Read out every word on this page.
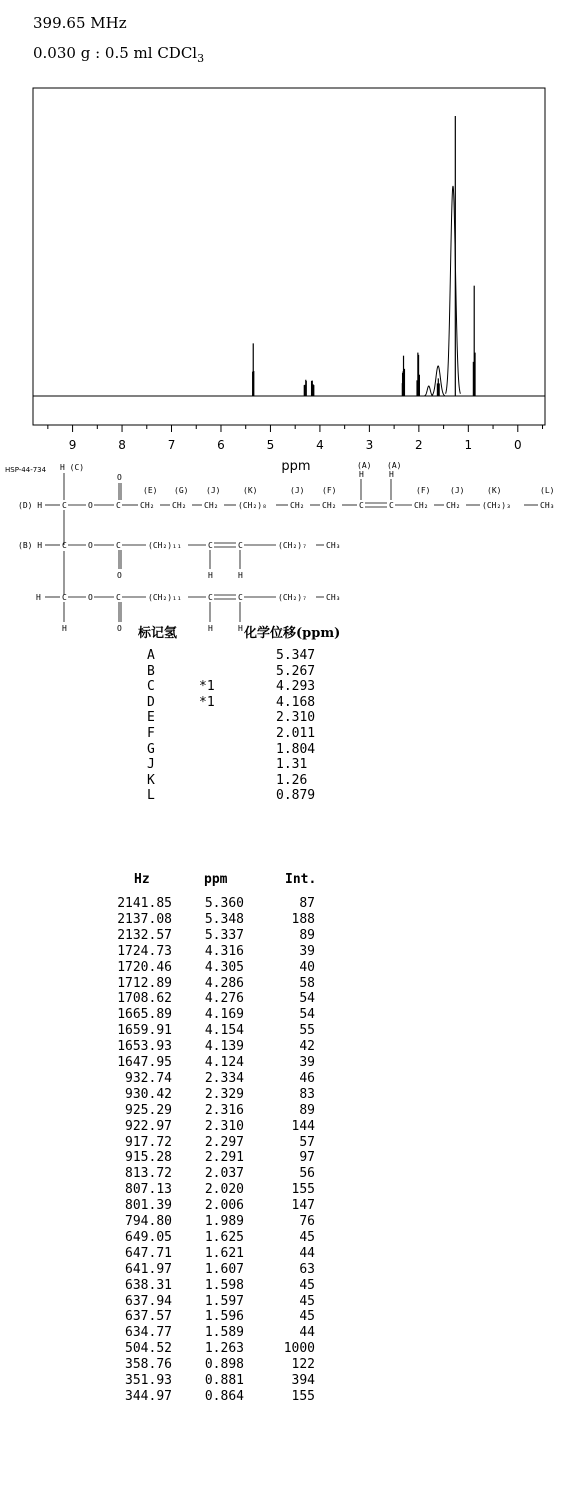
399.65 MHz
0.030 g : 0.5 ml CDCl$_3$
9	8	7	6	5	4	3	2	1	0
ppm
HSP-44-734 H (C)
(E) (G) (J)	(K)	(J) (F)
(A) (A)
(F) (J)	(K)	(L)
(D) H C	O	C CH₂ CH₂ CH₂ (CH₂)₈	CH₂ CH₂	C	C	CH₂ CH₂	(CH₂)₃	CH₃
O	H	H
(B) H C	O	C	(CH₂)₁₁	C	C	(CH₂)₇ CH₃
O	H	H
H	C	O	C	(CH₂)₁₁	C	C	(CH₂)₇ CH₃
H	O	H	H
标记氢	化学位移(ppm)
A	5.347
B	5.267
C	*1	4.293
D	*1	4.168
E	2.310
F	2.011
G	1.804
J	1.31
K	1.26
L	0.879
Hz	ppm	Int.
2141.85	5.360	87
2137.08	5.348	188
2132.57	5.337	89
1724.73	4.316	39
1720.46	4.305	40
1712.89	4.286	58
1708.62	4.276	54
1665.89	4.169	54
1659.91	4.154	55
1653.93	4.139	42
1647.95	4.124	39
932.74	2.334	46
930.42	2.329	83
925.29	2.316	89
922.97	2.310	144
917.72	2.297	57
915.28	2.291	97
813.72	2.037	56
807.13	2.020	155
801.39	2.006	147
794.80	1.989	76
649.05	1.625	45
647.71	1.621	44
641.97	1.607	63
638.31	1.598	45
637.94	1.597	45
637.57	1.596	45
634.77	1.589	44
504.52	1.263	1000
358.76	0.898	122
351.93	0.881	394
344.97	0.864	155
